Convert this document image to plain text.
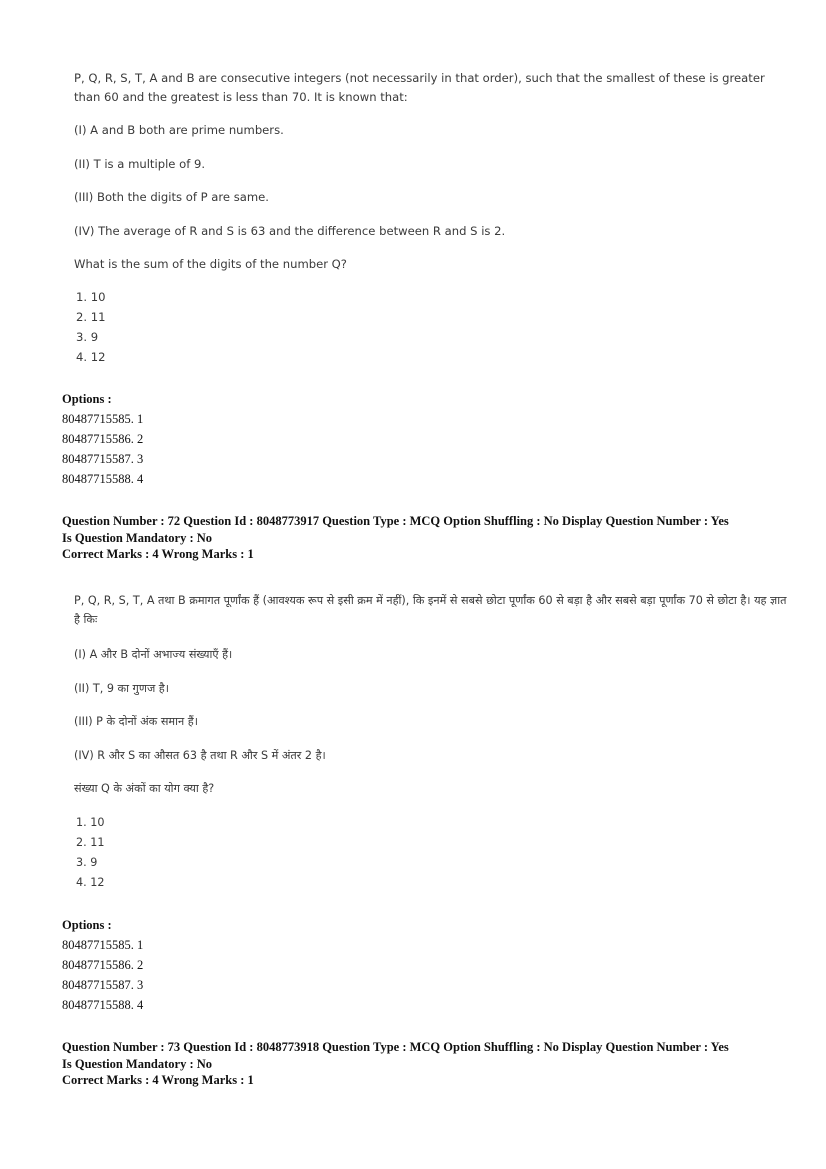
P, Q, R, S, T, A and B are consecutive integers (not necessarily in that order), such that the smallest of these is greater than 60 and the greatest is less than 70. It is known that:

(I) A and B both are prime numbers.

(II) T is a multiple of 9.

(III) Both the digits of P are same.

(IV) The average of R and S is 63 and the difference between R and S is 2.

What is the sum of the digits of the number Q?

1. 10
2. 11
3. 9
4. 12
Options :
80487715585. 1
80487715586. 2
80487715587. 3
80487715588. 4
Question Number : 72 Question Id : 8048773917 Question Type : MCQ Option Shuffling : No Display Question Number : Yes
Is Question Mandatory : No
Correct Marks : 4 Wrong Marks : 1

P, Q, R, S, T, A तथा B क्रमागत पूर्णांक हैं (आवश्यक रूप से इसी क्रम में नहीं), कि इनमें से सबसे छोटा पूर्णांक 60 से बड़ा है और सबसे बड़ा पूर्णांक 70 से छोटा है। यह ज्ञात है किः

(I) A और B दोनों अभाज्य संख्याएँ हैं।

(II) T, 9 का गुणज है।

(III) P के दोनों अंक समान हैं।

(IV) R और S का औसत 63 है तथा R और S में अंतर 2 है।

संख्या Q के अंकों का योग क्या है?

1. 10
2. 11
3. 9
4. 12
Options :
80487715585. 1
80487715586. 2
80487715587. 3
80487715588. 4
Question Number : 73 Question Id : 8048773918 Question Type : MCQ Option Shuffling : No Display Question Number : Yes
Is Question Mandatory : No
Correct Marks : 4 Wrong Marks : 1
